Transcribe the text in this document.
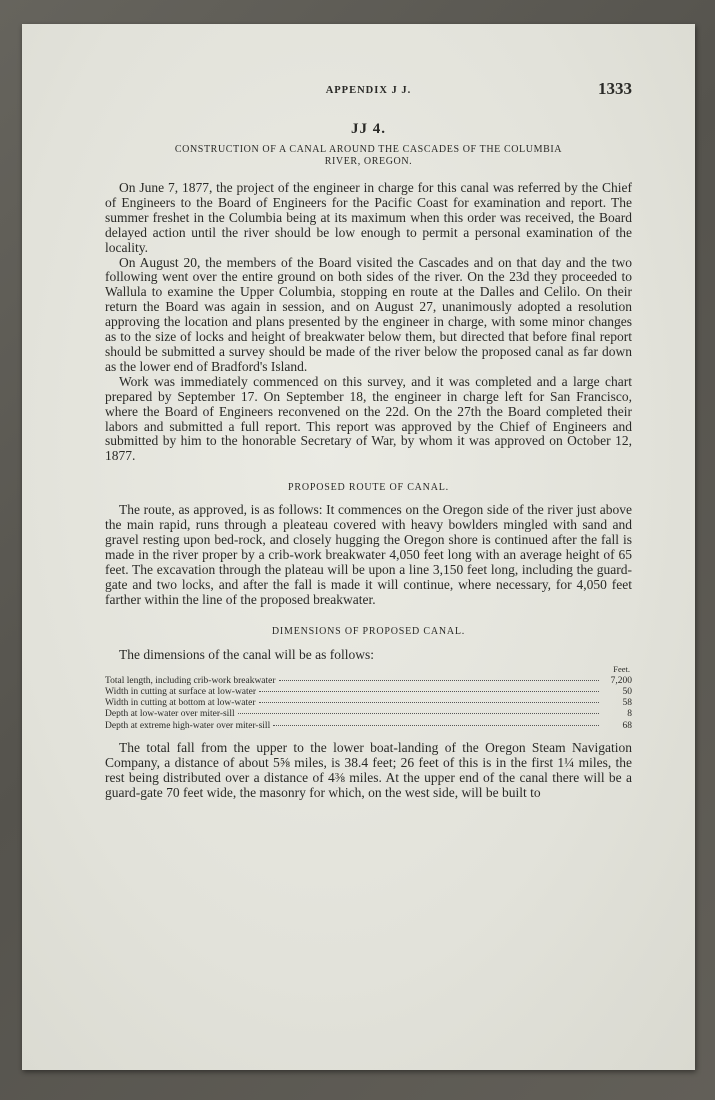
APPENDIX J J.	1333
JJ 4.
CONSTRUCTION OF A CANAL AROUND THE CASCADES OF THE COLUMBIA
RIVER, OREGON.

On June 7, 1877, the project of the engineer in charge for this canal was referred by the Chief of Engineers to the Board of Engineers for the Pacific Coast for examination and report. The summer freshet in the Columbia being at its maximum when this order was received, the Board delayed action until the river should be low enough to permit a personal examination of the locality.

On August 20, the members of the Board visited the Cascades and on that day and the two following went over the entire ground on both sides of the river. On the 23d they proceeded to Wallula to examine the Upper Columbia, stopping en route at the Dalles and Celilo. On their return the Board was again in session, and on August 27, unanimously adopted a resolution approving the location and plans presented by the engineer in charge, with some minor changes as to the size of locks and height of breakwater below them, but directed that before final report should be submitted a survey should be made of the river below the proposed canal as far down as the lower end of Bradford's Island.

Work was immediately commenced on this survey, and it was completed and a large chart prepared by September 17. On September 18, the engineer in charge left for San Francisco, where the Board of Engineers reconvened on the 22d. On the 27th the Board completed their labors and submitted a full report. This report was approved by the Chief of Engineers and submitted by him to the honorable Secretary of War, by whom it was approved on October 12, 1877.

PROPOSED ROUTE OF CANAL.

The route, as approved, is as follows: It commences on the Oregon side of the river just above the main rapid, runs through a pleateau covered with heavy bowlders mingled with sand and gravel resting upon bed-rock, and closely hugging the Oregon shore is continued after the fall is made in the river proper by a crib-work breakwater 4,050 feet long with an average height of 65 feet. The excavation through the plateau will be upon a line 3,150 feet long, including the guard-gate and two locks, and after the fall is made it will continue, where necessary, for 4,050 feet farther within the line of the proposed breakwater.

DIMENSIONS OF PROPOSED CANAL.

The dimensions of the canal will be as follows:

Feet.
Total length, including crib-work breakwater	7,200
Width in cutting at surface at low-water	50
Width in cutting at bottom at low-water	58
Depth at low-water over miter-sill	8
Depth at extreme high-water over miter-sill	68

The total fall from the upper to the lower boat-landing of the Oregon Steam Navigation Company, a distance of about 5⅝ miles, is 38.4 feet; 26 feet of this is in the first 1¼ miles, the rest being distributed over a distance of 4⅜ miles. At the upper end of the canal there will be a guard-gate 70 feet wide, the masonry for which, on the west side, will be built to
